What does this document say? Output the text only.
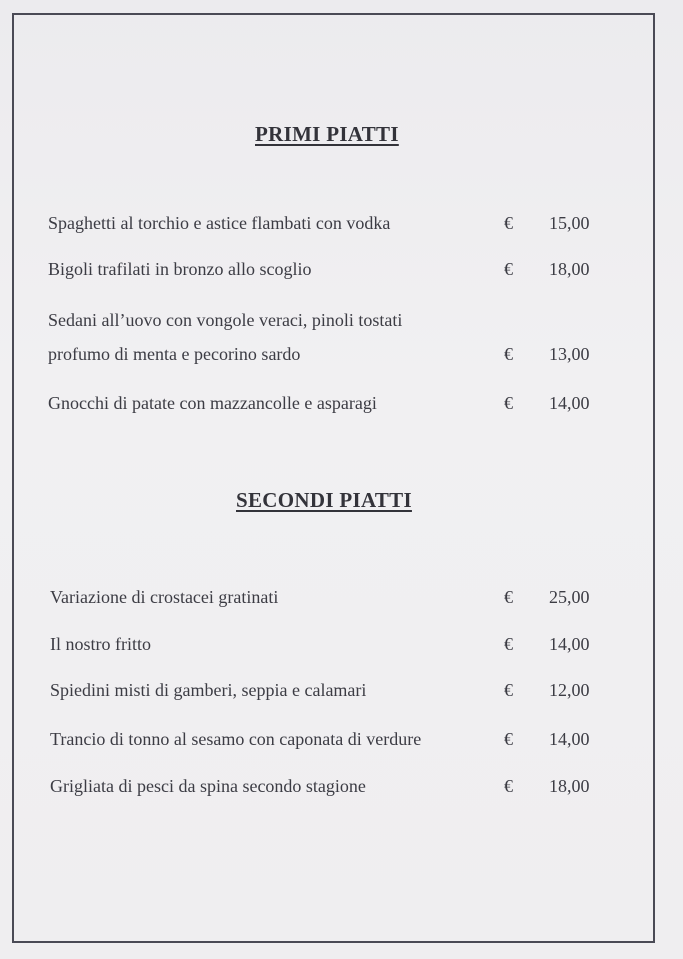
PRIMI PIATTI
Spaghetti al torchio e astice flambati con vodka	€ 15,00
Bigoli trafilati in bronzo allo scoglio	€ 18,00
Sedani all’uovo con vongole veraci, pinoli tostati
profumo di menta e pecorino sardo	€ 13,00
Gnocchi di patate con mazzancolle e asparagi	€ 14,00
SECONDI PIATTI
Variazione di crostacei gratinati	€ 25,00
Il nostro fritto	€ 14,00
Spiedini misti di gamberi, seppia e calamari	€ 12,00
Trancio di tonno al sesamo con caponata di verdure	€ 14,00
Grigliata di pesci da spina secondo stagione	€ 18,00
